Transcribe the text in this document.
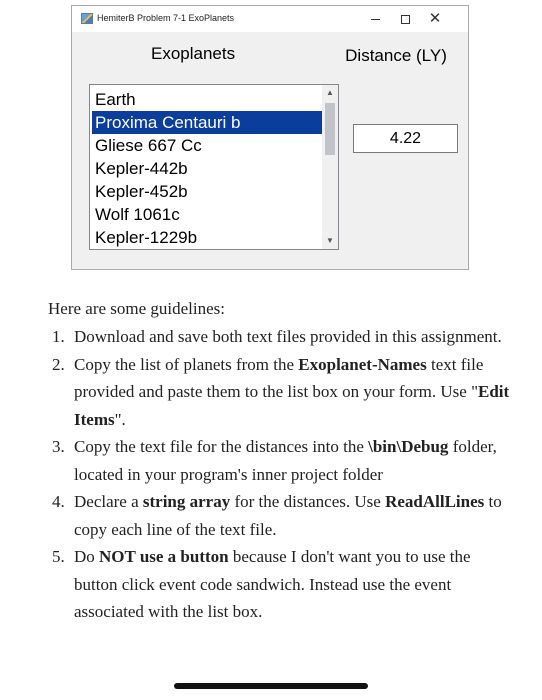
HemiterB Problem 7-1 ExoPlanets	✕
Exoplanets	Distance (LY)
Kepler-1229b
Wolf 1061c
Kepler-452b
Kepler-442b
Gliese 667 Cc
Proxima Centauri b
Earth	▲
▼
4.22

Here are some guidelines:

1. Download and save both text files provided in this assignment.
2. Copy the list of planets from the Exoplanet-Names text file provided and paste them to the list box on your form. Use "Edit Items".
3. Copy the text file for the distances into the \bin\Debug folder, located in your program's inner project folder
4. Declare a string array for the distances. Use ReadAllLines to copy each line of the text file.
5. Do NOT use a button because I don't want you to use the button click event code sandwich. Instead use the event associated with the list box.
